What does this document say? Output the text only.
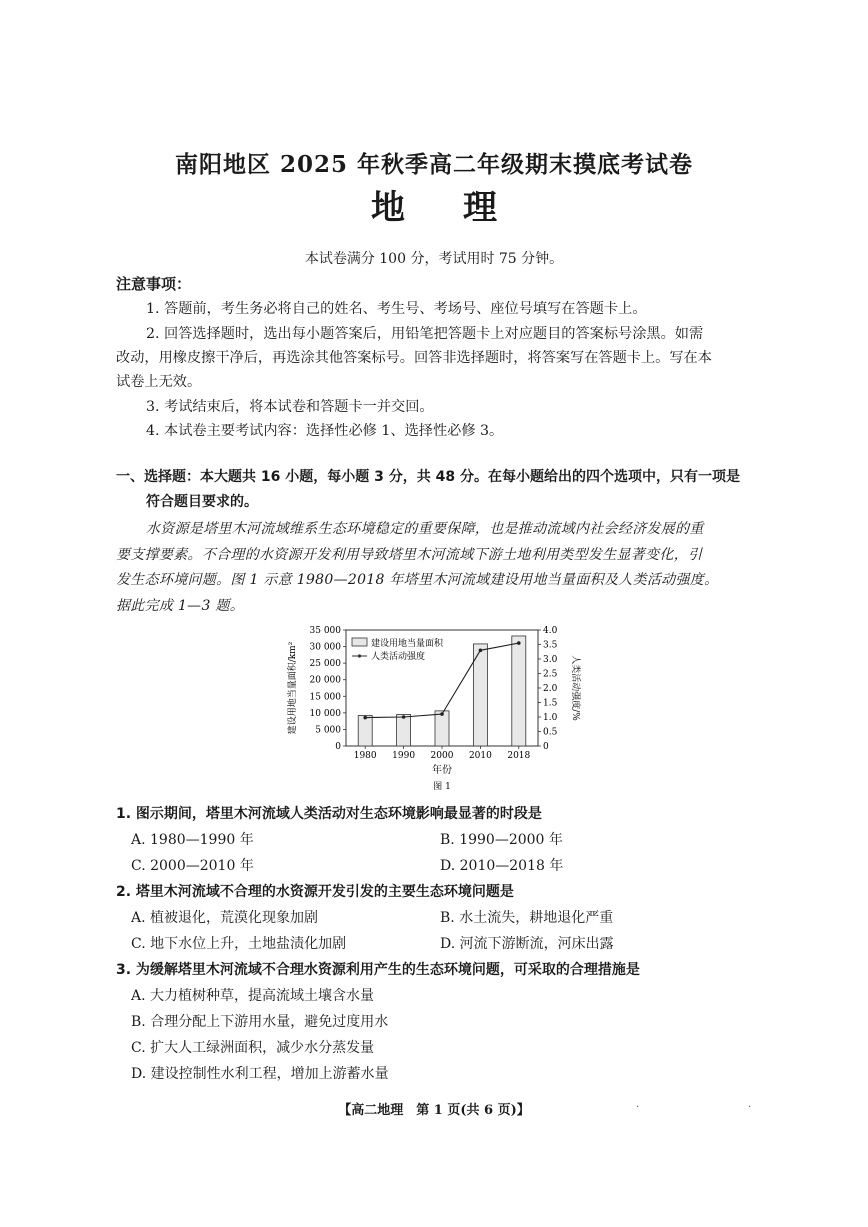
南阳地区 2025 年秋季高二年级期末摸底考试卷
地理
本试卷满分 100 分，考试用时 75 分钟。
注意事项：
1. 答题前，考生务必将自己的姓名、考生号、考场号、座位号填写在答题卡上。
2. 回答选择题时，选出每小题答案后，用铅笔把答题卡上对应题目的答案标号涂黑。如需
改动，用橡皮擦干净后，再选涂其他答案标号。回答非选择题时，将答案写在答题卡上。写在本
试卷上无效。
3. 考试结束后，将本试卷和答题卡一并交回。
4. 本试卷主要考试内容：选择性必修 1、选择性必修 3。
一、选择题：本大题共 16 小题，每小题 3 分，共 48 分。在每小题给出的四个选项中，只有一项是
符合题目要求的。
水资源是塔里木河流域维系生态环境稳定的重要保障，也是推动流域内社会经济发展的重
要支撑要素。不合理的水资源开发利用导致塔里木河流域下游土地利用类型发生显著变化，引
发生态环境问题。图 1 示意 1980—2018 年塔里木河流域建设用地当量面积及人类活动强度。
据此完成 1—3 题。
35 000
30 000
25 000
20 000
15 000
10 000
5 000
0
4.0
3.5
3.0
2.5
2.0
1.5
1.0
0.5
0
1980 1990 2000 2010 2018
建设用地当量面积
人类活动强度
建设用地当量面积/km²	人类活动强度/%
年份
图 1
1. 图示期间，塔里木河流域人类活动对生态环境影响最显著的时段是
A. 1980—1990 年	B. 1990—2000 年
C. 2000—2010 年	D. 2010—2018 年
2. 塔里木河流域不合理的水资源开发引发的主要生态环境问题是
A. 植被退化，荒漠化现象加剧	B. 水土流失，耕地退化严重
C. 地下水位上升，土地盐渍化加剧	D. 河流下游断流，河床出露
3. 为缓解塔里木河流域不合理水资源利用产生的生态环境问题，可采取的合理措施是
A. 大力植树种草，提高流域土壤含水量
B. 合理分配上下游用水量，避免过度用水
C. 扩大人工绿洲面积，减少水分蒸发量
D. 建设控制性水利工程，增加上游蓄水量
【高二地理　第 1 页(共 6 页)】	·	·
